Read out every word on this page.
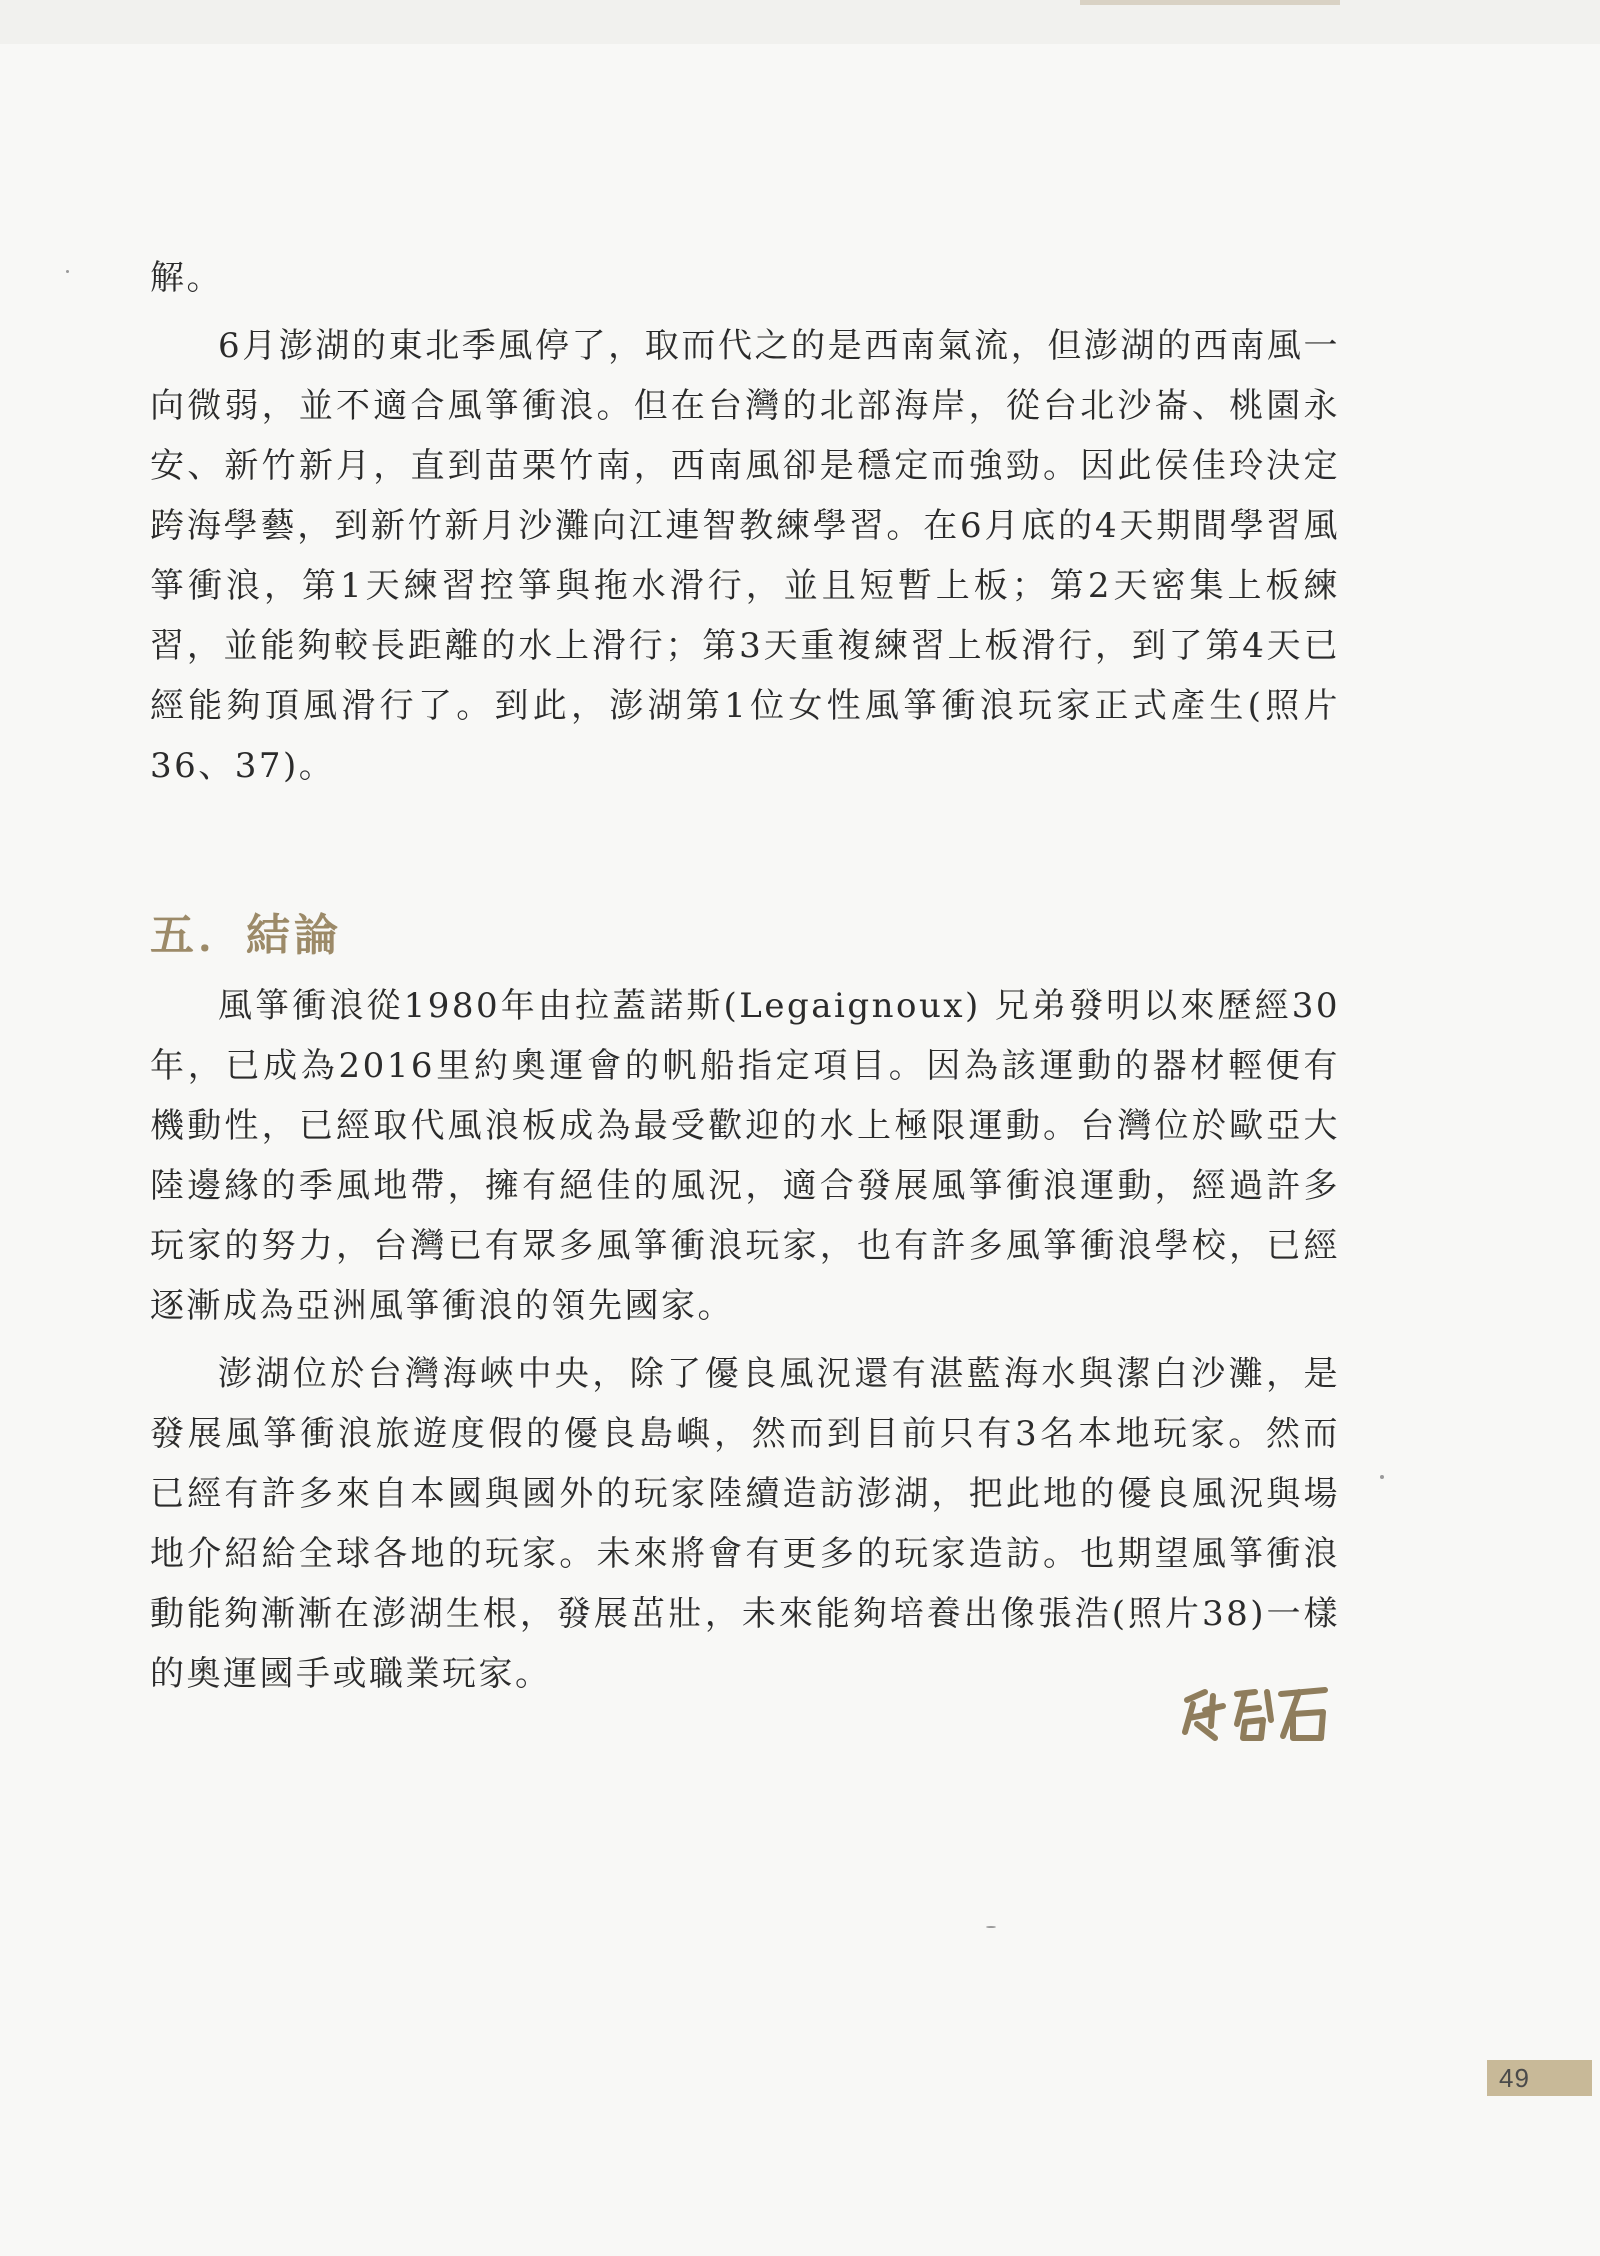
解。

6月澎湖的東北季風停了，取而代之的是西南氣流，但澎湖的西南風一向微弱，並不適合風箏衝浪。但在台灣的北部海岸，從台北沙崙、桃園永安、新竹新月，直到苗栗竹南，西南風卻是穩定而強勁。因此侯佳玲決定跨海學藝，到新竹新月沙灘向江連智教練學習。在6月底的4天期間學習風箏衝浪，第1天練習控箏與拖水滑行，並且短暫上板；第2天密集上板練習，並能夠較長距離的水上滑行；第3天重複練習上板滑行，到了第4天已經能夠頂風滑行了。到此，澎湖第1位女性風箏衝浪玩家正式產生(照片36、37)。

五．結論

風箏衝浪從1980年由拉蓋諾斯(Legaignoux) 兄弟發明以來歷經30年，已成為2016里約奧運會的帆船指定項目。因為該運動的器材輕便有機動性，已經取代風浪板成為最受歡迎的水上極限運動。台灣位於歐亞大陸邊緣的季風地帶，擁有絕佳的風況，適合發展風箏衝浪運動，經過許多玩家的努力，台灣已有眾多風箏衝浪玩家，也有許多風箏衝浪學校，已經逐漸成為亞洲風箏衝浪的領先國家。

澎湖位於台灣海峽中央，除了優良風況還有湛藍海水與潔白沙灘，是發展風箏衝浪旅遊度假的優良島嶼，然而到目前只有3名本地玩家。然而已經有許多來自本國與國外的玩家陸續造訪澎湖，把此地的優良風況與場地介紹給全球各地的玩家。未來將會有更多的玩家造訪。也期望風箏衝浪動能夠漸漸在澎湖生根，發展茁壯，未來能夠培養出像張浩(照片38)一樣的奧運國手或職業玩家。

49
